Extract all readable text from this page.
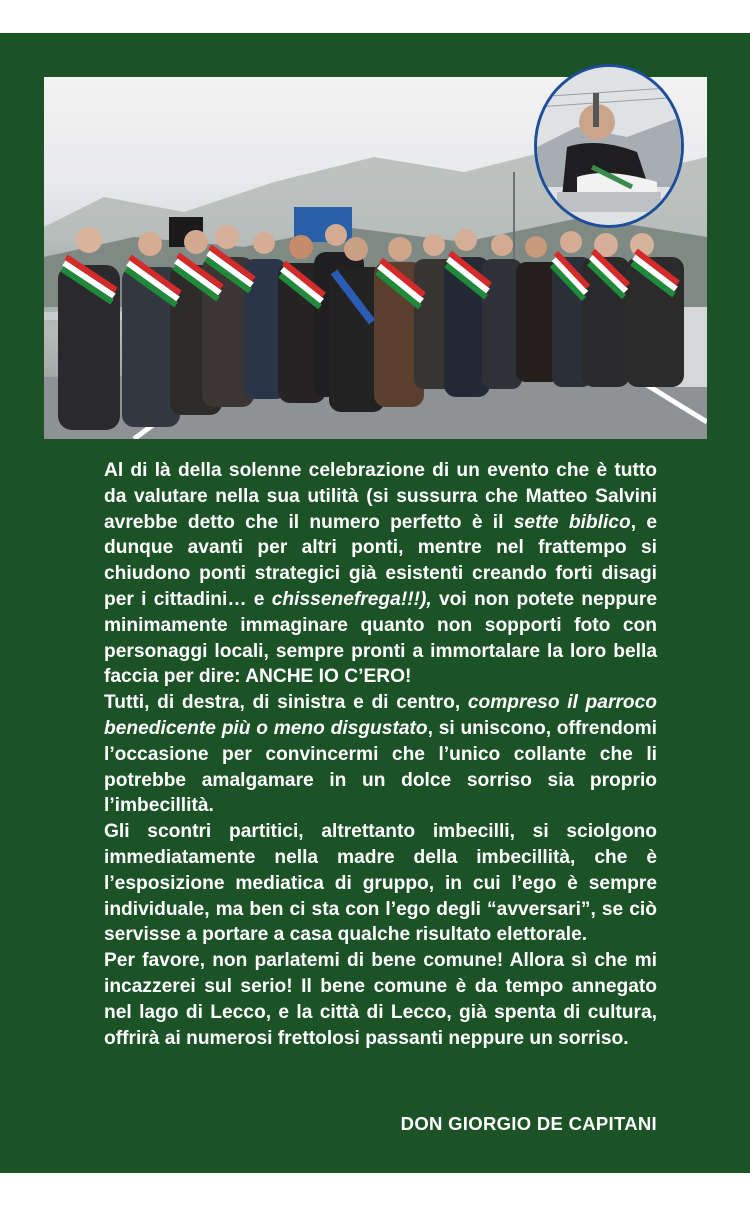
Al di là della solenne celebrazione di un evento che è tutto da valutare nella sua utilità (si sussurra che Matteo Salvini avrebbe detto che il numero perfetto è il sette biblico, e dunque avanti per altri ponti, mentre nel frattempo si chiudono ponti strategici già esistenti creando forti disagi per i cittadini… e chissenefrega!!!), voi non potete neppure minimamente immaginare quanto non sopporti foto con personaggi locali, sempre pronti a immortalare la loro bella faccia per dire: ANCHE IO C’ERO!

Tutti, di destra, di sinistra e di centro, compreso il parroco benedicente più o meno disgustato, si uniscono, offrendomi l’occasione per convincermi che l’unico collante che li potrebbe amalgamare in un dolce sorriso sia proprio l’imbecillità.

Gli scontri partitici, altrettanto imbecilli, si sciolgono immediatamente nella madre della imbecillità, che è l’esposizione mediatica di gruppo, in cui l’ego è sempre individuale, ma ben ci sta con l’ego degli “avversari”, se ciò servisse a portare a casa qualche risultato elettorale.

Per favore, non parlatemi di bene comune! Allora sì che mi incazzerei sul serio! Il bene comune è da tempo annegato nel lago di Lecco, e la città di Lecco, già spenta di cultura, offrirà ai numerosi frettolosi passanti neppure un sorriso.

DON GIORGIO DE CAPITANI
